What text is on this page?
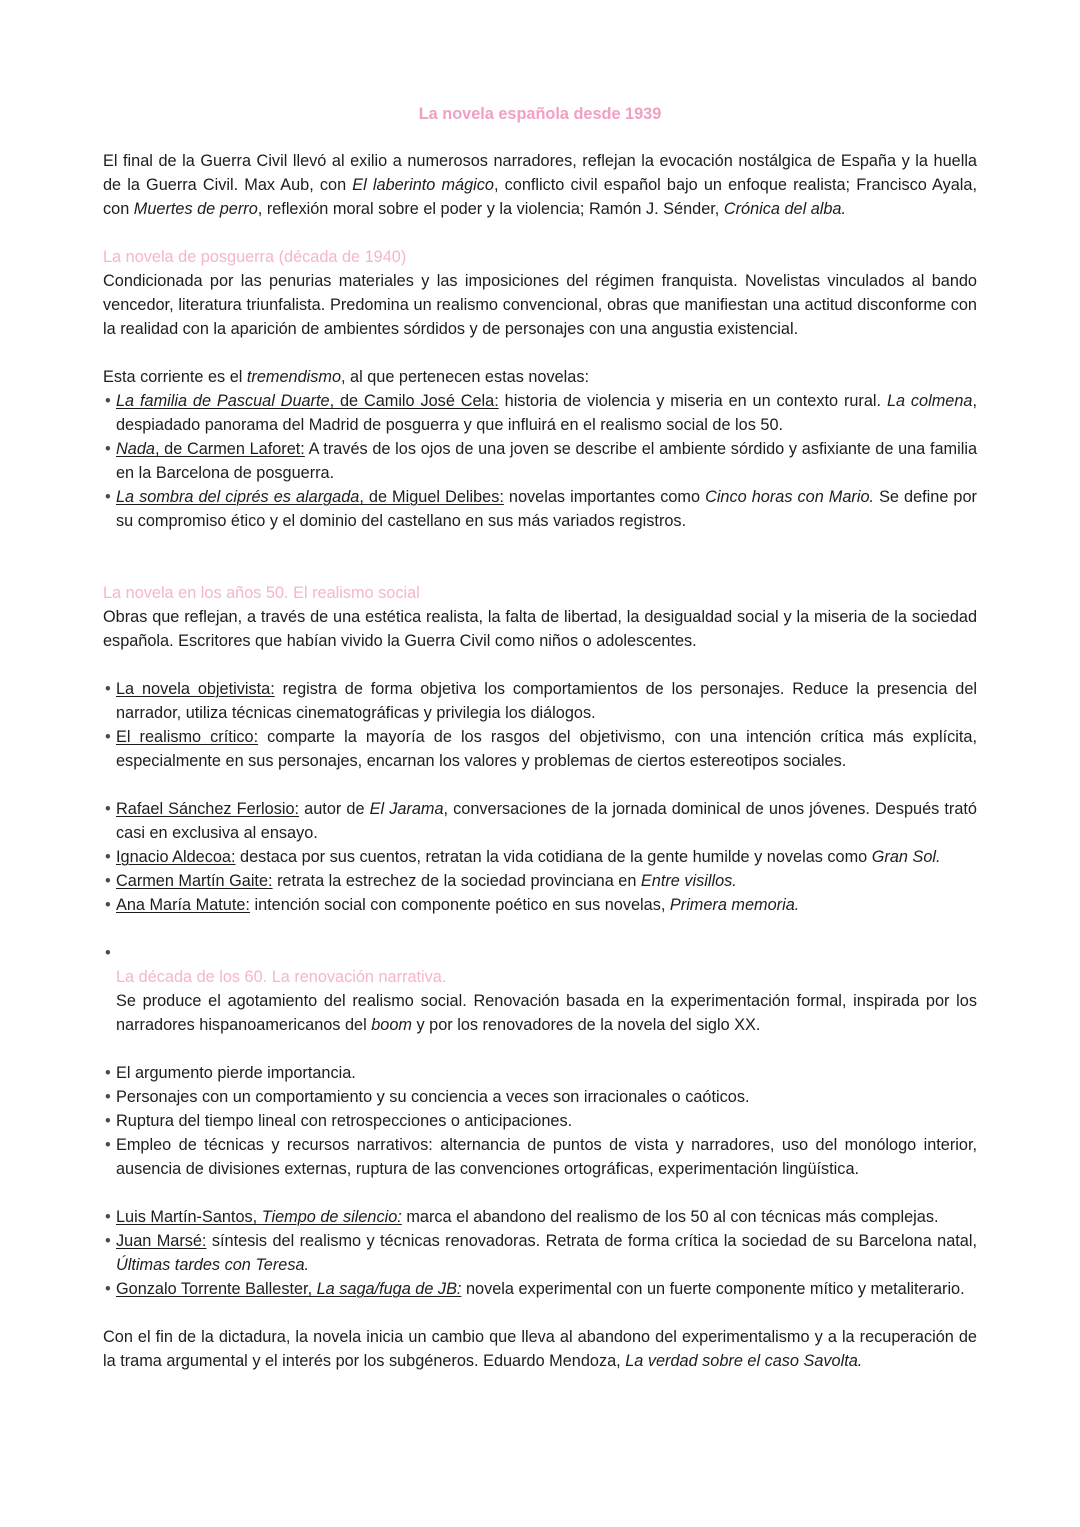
La novela española desde 1939

El final de la Guerra Civil llevó al exilio a numerosos narradores, reflejan la evocación nostálgica de España y la huella de la Guerra Civil. Max Aub, con El laberinto mágico, conflicto civil español bajo un enfoque realista; Francisco Ayala, con Muertes de perro, reflexión moral sobre el poder y la violencia; Ramón J. Sénder, Crónica del alba.

La novela de posguerra (década de 1940)

Condicionada por las penurias materiales y las imposiciones del régimen franquista. Novelistas vinculados al bando vencedor, literatura triunfalista. Predomina un realismo convencional, obras que manifiestan una actitud disconforme con la realidad con la aparición de ambientes sórdidos y de personajes con una angustia existencial.

Esta corriente es el tremendismo, al que pertenecen estas novelas:

• La familia de Pascual Duarte, de Camilo José Cela: historia de violencia y miseria en un contexto rural. La colmena, despiadado panorama del Madrid de posguerra y que influirá en el realismo social de los 50.
• Nada, de Carmen Laforet: A través de los ojos de una joven se describe el ambiente sórdido y asfixiante de una familia en la Barcelona de posguerra.
• La sombra del ciprés es alargada, de Miguel Delibes: novelas importantes como Cinco horas con Mario. Se define por su compromiso ético y el dominio del castellano en sus más variados registros.
La novela en los años 50. El realismo social

Obras que reflejan, a través de una estética realista, la falta de libertad, la desigualdad social y la miseria de la sociedad española. Escritores que habían vivido la Guerra Civil como niños o adolescentes.

• La novela objetivista: registra de forma objetiva los comportamientos de los personajes. Reduce la presencia del narrador, utiliza técnicas cinematográficas y privilegia los diálogos.
• El realismo crítico: comparte la mayoría de los rasgos del objetivismo, con una intención crítica más explícita, especialmente en sus personajes, encarnan los valores y problemas de ciertos estereotipos sociales.
• Rafael Sánchez Ferlosio: autor de El Jarama, conversaciones de la jornada dominical de unos jóvenes. Después trató casi en exclusiva al ensayo.
• Ignacio Aldecoa: destaca por sus cuentos, retratan la vida cotidiana de la gente humilde y novelas como Gran Sol.
• Carmen Martín Gaite: retrata la estrechez de la sociedad provinciana en Entre visillos.
• Ana María Matute: intención social con componente poético en sus novelas, Primera memoria.
•
La década de los 60. La renovación narrativa.

Se produce el agotamiento del realismo social. Renovación basada en la experimentación formal, inspirada por los narradores hispanoamericanos del boom y por los renovadores de la novela del siglo XX.

• El argumento pierde importancia.
• Personajes con un comportamiento y su conciencia a veces son irracionales o caóticos.
• Ruptura del tiempo lineal con retrospecciones o anticipaciones.
• Empleo de técnicas y recursos narrativos: alternancia de puntos de vista y narradores, uso del monólogo interior, ausencia de divisiones externas, ruptura de las convenciones ortográficas, experimentación lingüística.
• Luis Martín-Santos, Tiempo de silencio: marca el abandono del realismo de los 50 al con técnicas más complejas.
• Juan Marsé: síntesis del realismo y técnicas renovadoras. Retrata de forma crítica la sociedad de su Barcelona natal, Últimas tardes con Teresa.
• Gonzalo Torrente Ballester, La saga/fuga de JB: novela experimental con un fuerte componente mítico y metaliterario.

Con el fin de la dictadura, la novela inicia un cambio que lleva al abandono del experimentalismo y a la recuperación de la trama argumental y el interés por los subgéneros. Eduardo Mendoza, La verdad sobre el caso Savolta.
